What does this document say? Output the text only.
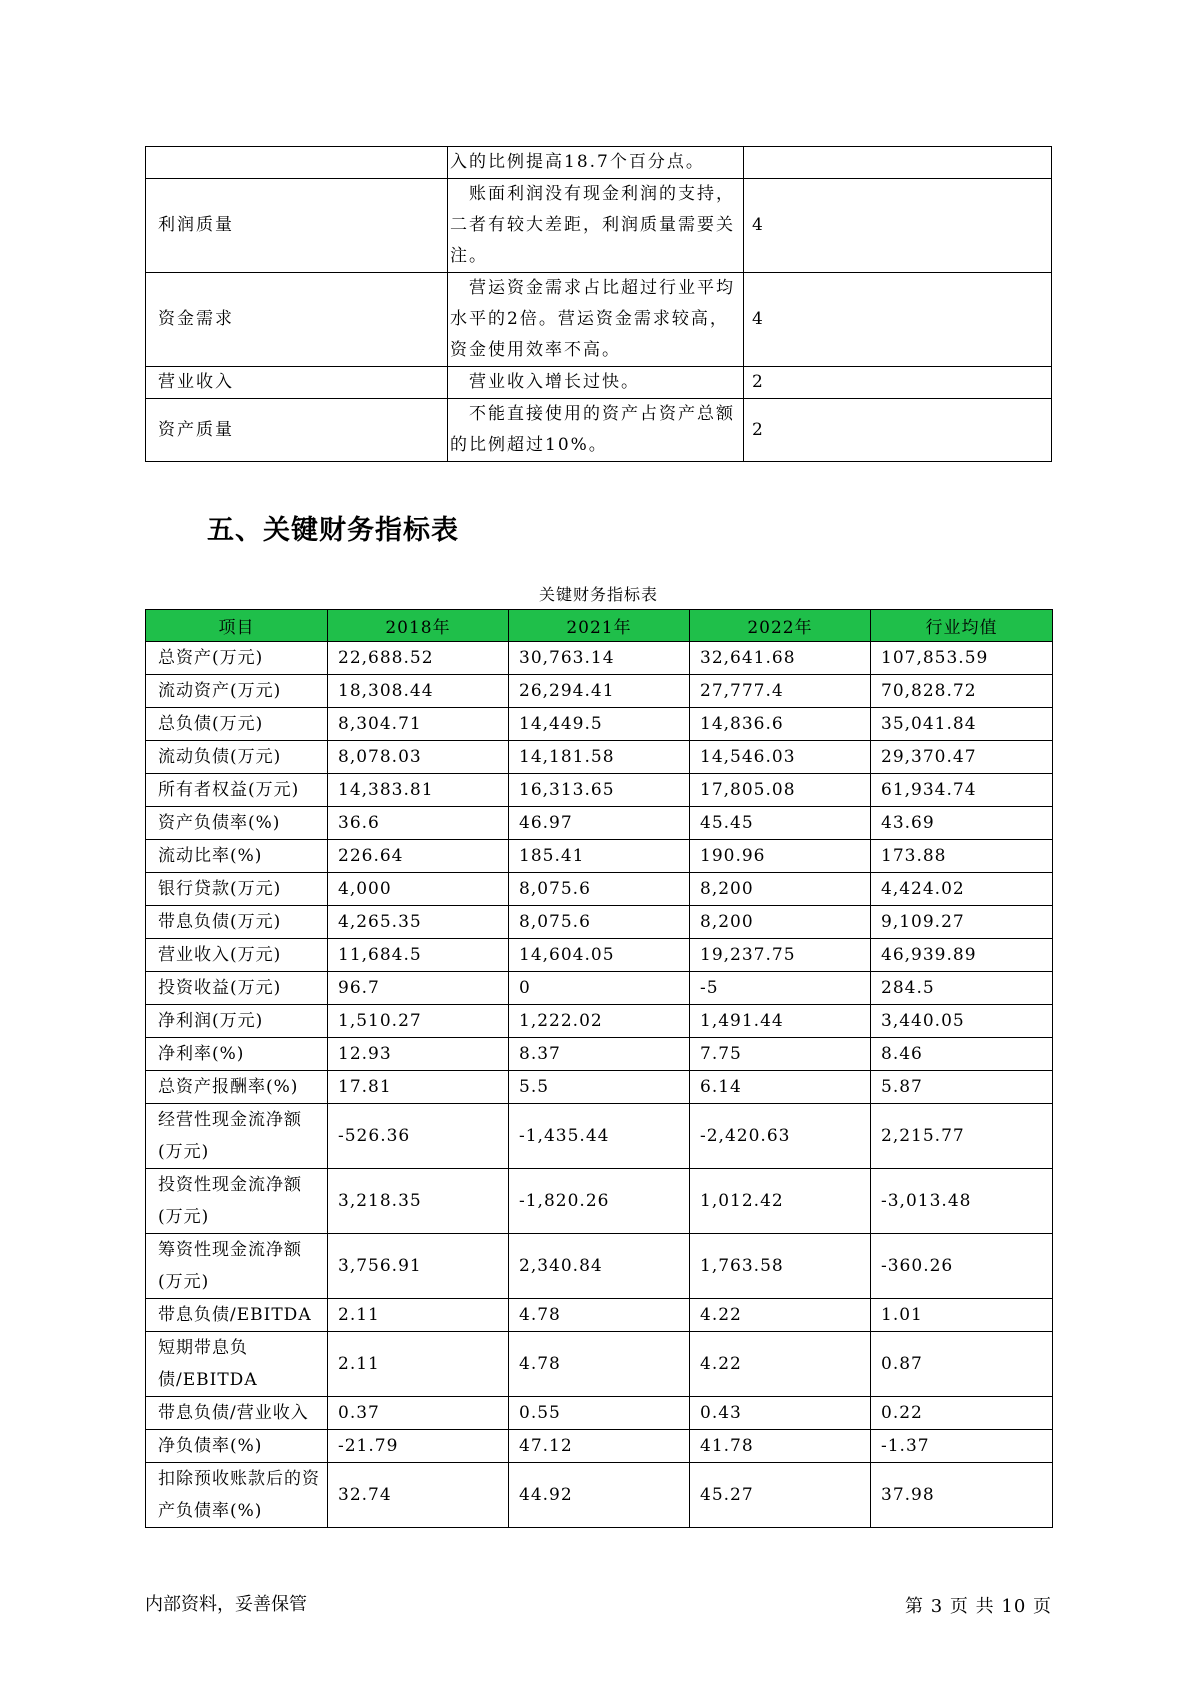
	入的比例提高18.7个百分点。	
利润质量	　账面利润没有现金利润的支持，二者有较大差距，利润质量需要关注。	4
资金需求	　营运资金需求占比超过行业平均水平的2倍。营运资金需求较高，资金使用效率不高。	4
营业收入	　营业收入增长过快。	2
资产质量	　不能直接使用的资产占资产总额的比例超过10%。	2
五、关键财务指标表
关键财务指标表
项目	2018年	2021年	2022年	行业均值
总资产(万元)	22,688.52	30,763.14	32,641.68	107,853.59
流动资产(万元)	18,308.44	26,294.41	27,777.4	70,828.72
总负债(万元)	8,304.71	14,449.5	14,836.6	35,041.84
流动负债(万元)	8,078.03	14,181.58	14,546.03	29,370.47
所有者权益(万元)	14,383.81	16,313.65	17,805.08	61,934.74
资产负债率(%)	36.6	46.97	45.45	43.69
流动比率(%)	226.64	185.41	190.96	173.88
银行贷款(万元)	4,000	8,075.6	8,200	4,424.02
带息负债(万元)	4,265.35	8,075.6	8,200	9,109.27
营业收入(万元)	11,684.5	14,604.05	19,237.75	46,939.89
投资收益(万元)	96.7	0	-5	284.5
净利润(万元)	1,510.27	1,222.02	1,491.44	3,440.05
净利率(%)	12.93	8.37	7.75	8.46
总资产报酬率(%)	17.81	5.5	6.14	5.87
经营性现金流净额(万元)	-526.36	-1,435.44	-2,420.63	2,215.77
投资性现金流净额(万元)	3,218.35	-1,820.26	1,012.42	-3,013.48
筹资性现金流净额(万元)	3,756.91	2,340.84	1,763.58	-360.26
带息负债/EBITDA	2.11	4.78	4.22	1.01
短期带息负债/EBITDA	2.11	4.78	4.22	0.87
带息负债/营业收入	0.37	0.55	0.43	0.22
净负债率(%)	-21.79	47.12	41.78	-1.37
扣除预收账款后的资产负债率(%)	32.74	44.92	45.27	37.98
内部资料，妥善保管	第 3 页 共 10 页
